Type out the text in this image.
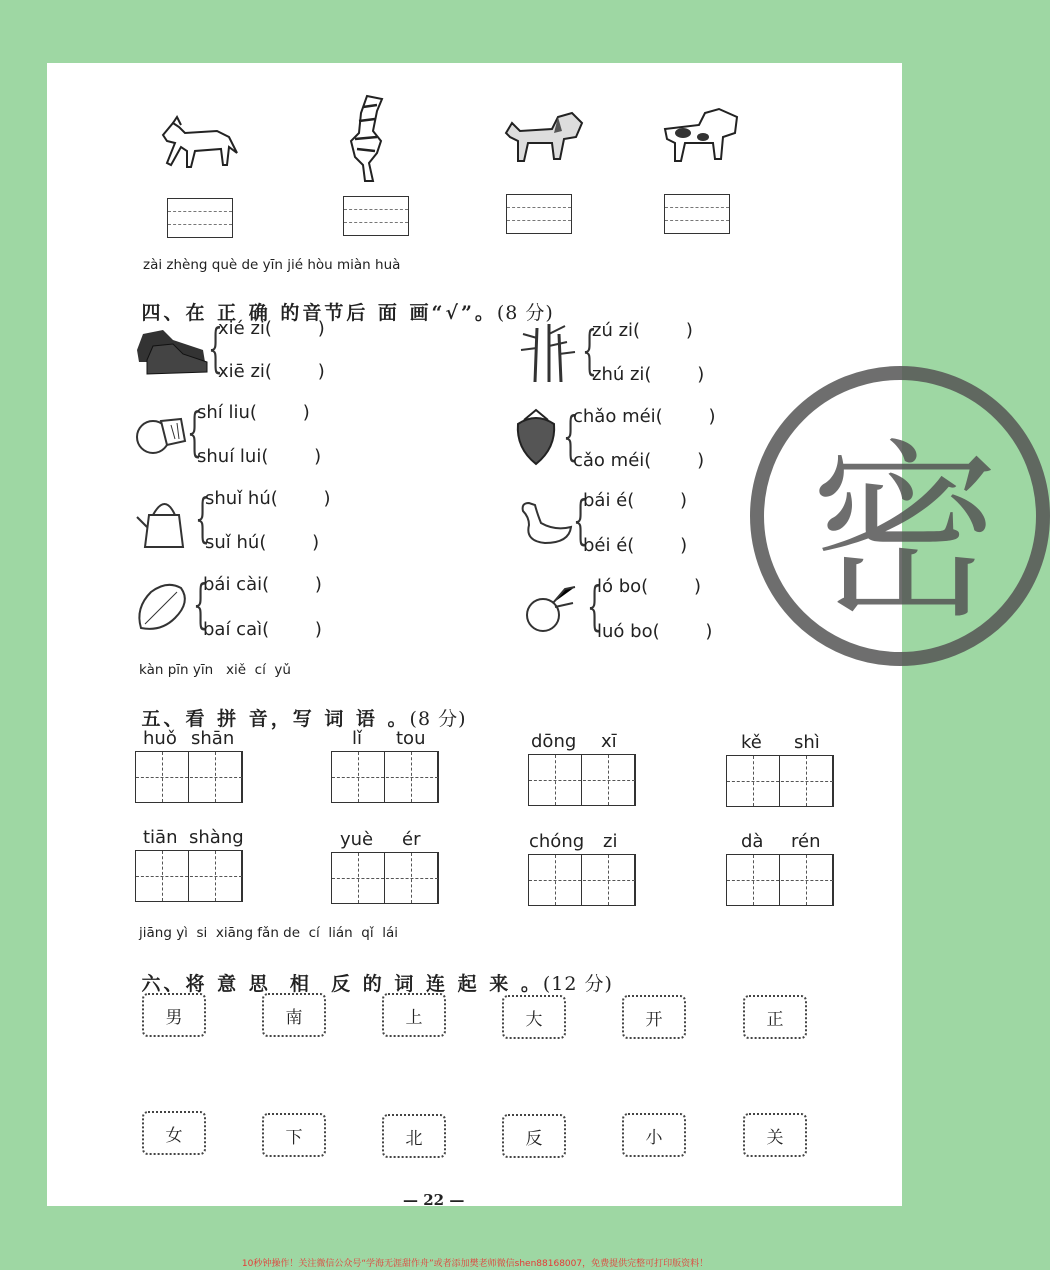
zài zhèng què de yīn jié hòu miàn huà

四、在 正 确 的音节后 面 画“√”。(8 分)

{
xié zi(        )
xiē zi(        )
{
shí liu(        )
shuí lui(        )
{
shuǐ hú(        )
suǐ hú(        )
{
bái cài(        )
baí caì(        )
{
zú zi(        )
zhú zi(        )
{
chǎo méi(        )
cǎo méi(        )
{
bái é(        )
béi é(        )
{
ló bo(        )
luó bo(        ) 密
kàn pīn yīn   xiě  cí  yǔ

五、看 拼 音，写 词 语 。(8 分)

huǒ shān	lǐ tou	dōng xī	kě shì
tiān shàng	yuè ér	chóng zi	dà rén
jiāng yì  si  xiāng fǎn de  cí  lián  qǐ  lái

六、将 意 思  相  反 的 词 连 起 来 。(12 分)

男	南	上	大	开	正
女	下	北	反	小	关
— 22 —
10秒钟操作！关注微信公众号“学海无涯甜作舟”或者添加樊老师微信shen88168007，免费提供完整可打印版资料！
